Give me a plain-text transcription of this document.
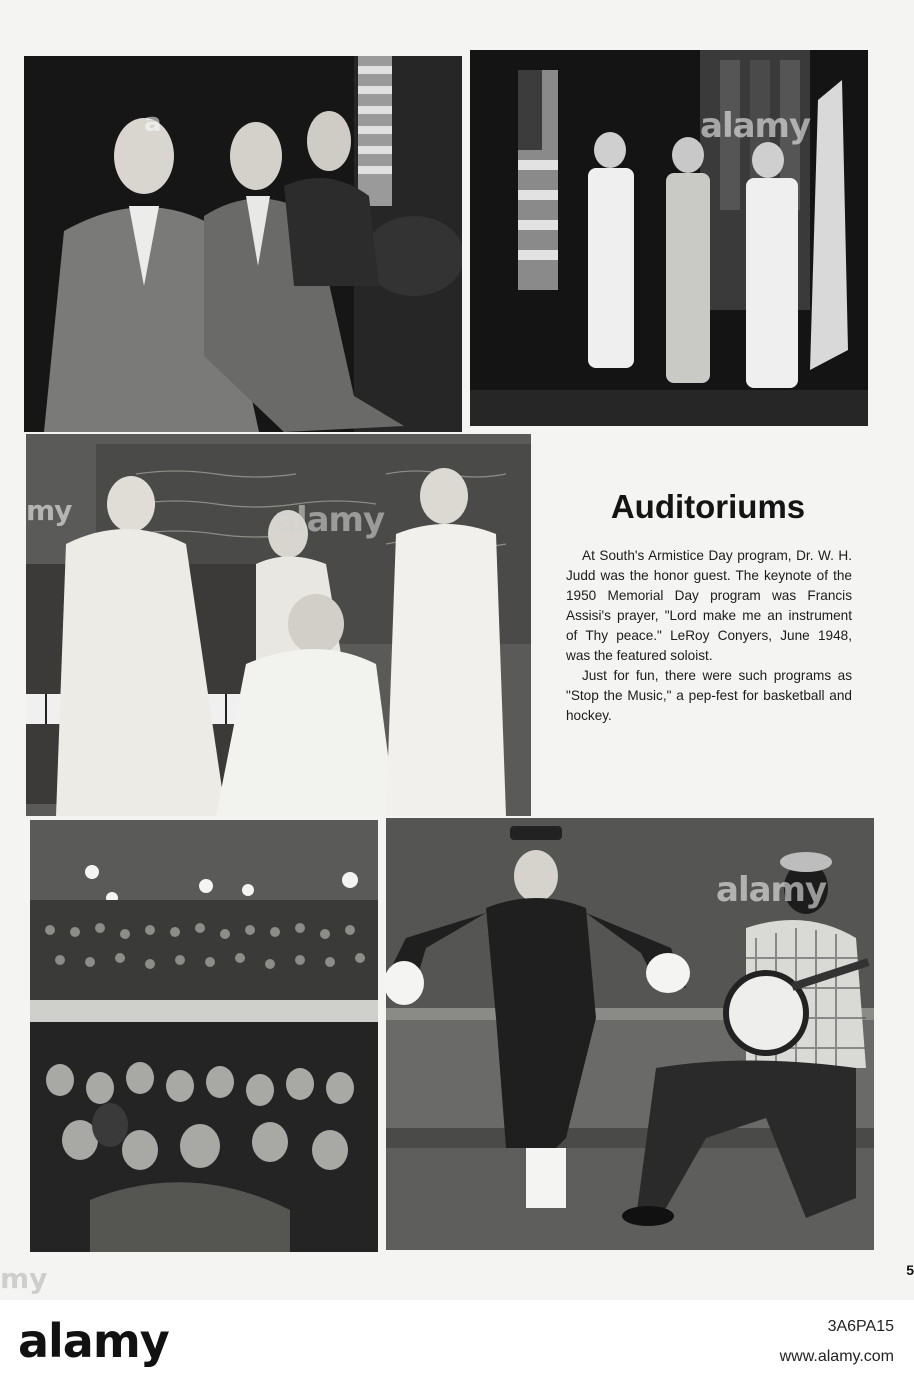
a	alamy
alamy
my	Auditoriums

At South's Armistice Day program, Dr. W. H. Judd was the honor guest. The keynote of the 1950 Memorial Day program was Francis Assisi's prayer, "Lord make me an instrument of Thy peace." LeRoy Conyers, June 1948, was the featured soloist.

Just for fun, there were such programs as "Stop the Music," a pep-fest for basketball and hockey.

alamy
5
my
alamy	3A6PA15
www.alamy.com
